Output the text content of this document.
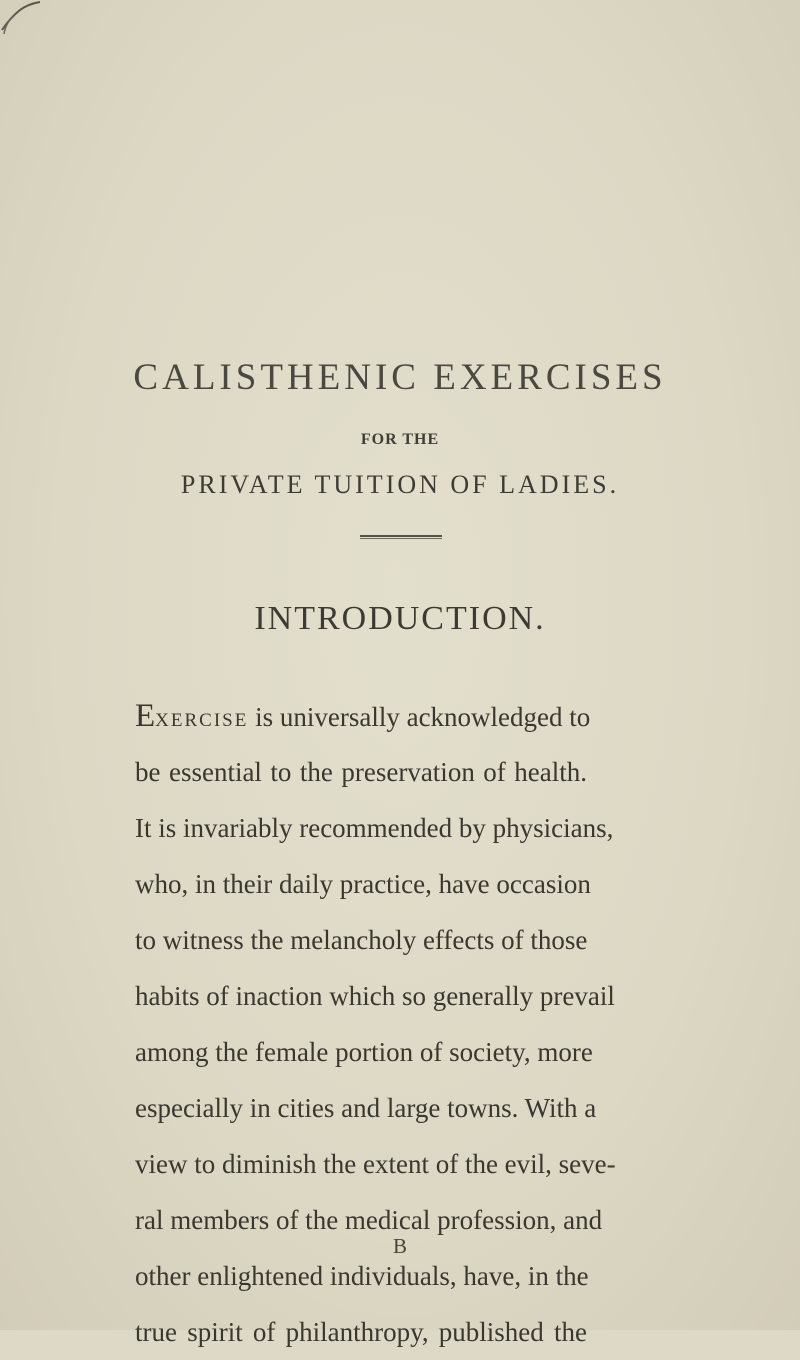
CALISTHENIC EXERCISES
FOR THE
PRIVATE TUITION OF LADIES.
INTRODUCTION.
EXERCISE is universally acknowledged to
be essential to the preservation of health.
It is invariably recommended by physicians,
who, in their daily practice, have occasion
to witness the melancholy effects of those
habits of inaction which so generally prevail
among the female portion of society, more
especially in cities and large towns. With a
view to diminish the extent of the evil, seve-
ral members of the medical profession, and
other enlightened individuals, have, in the
true spirit of philanthropy, published the
B
